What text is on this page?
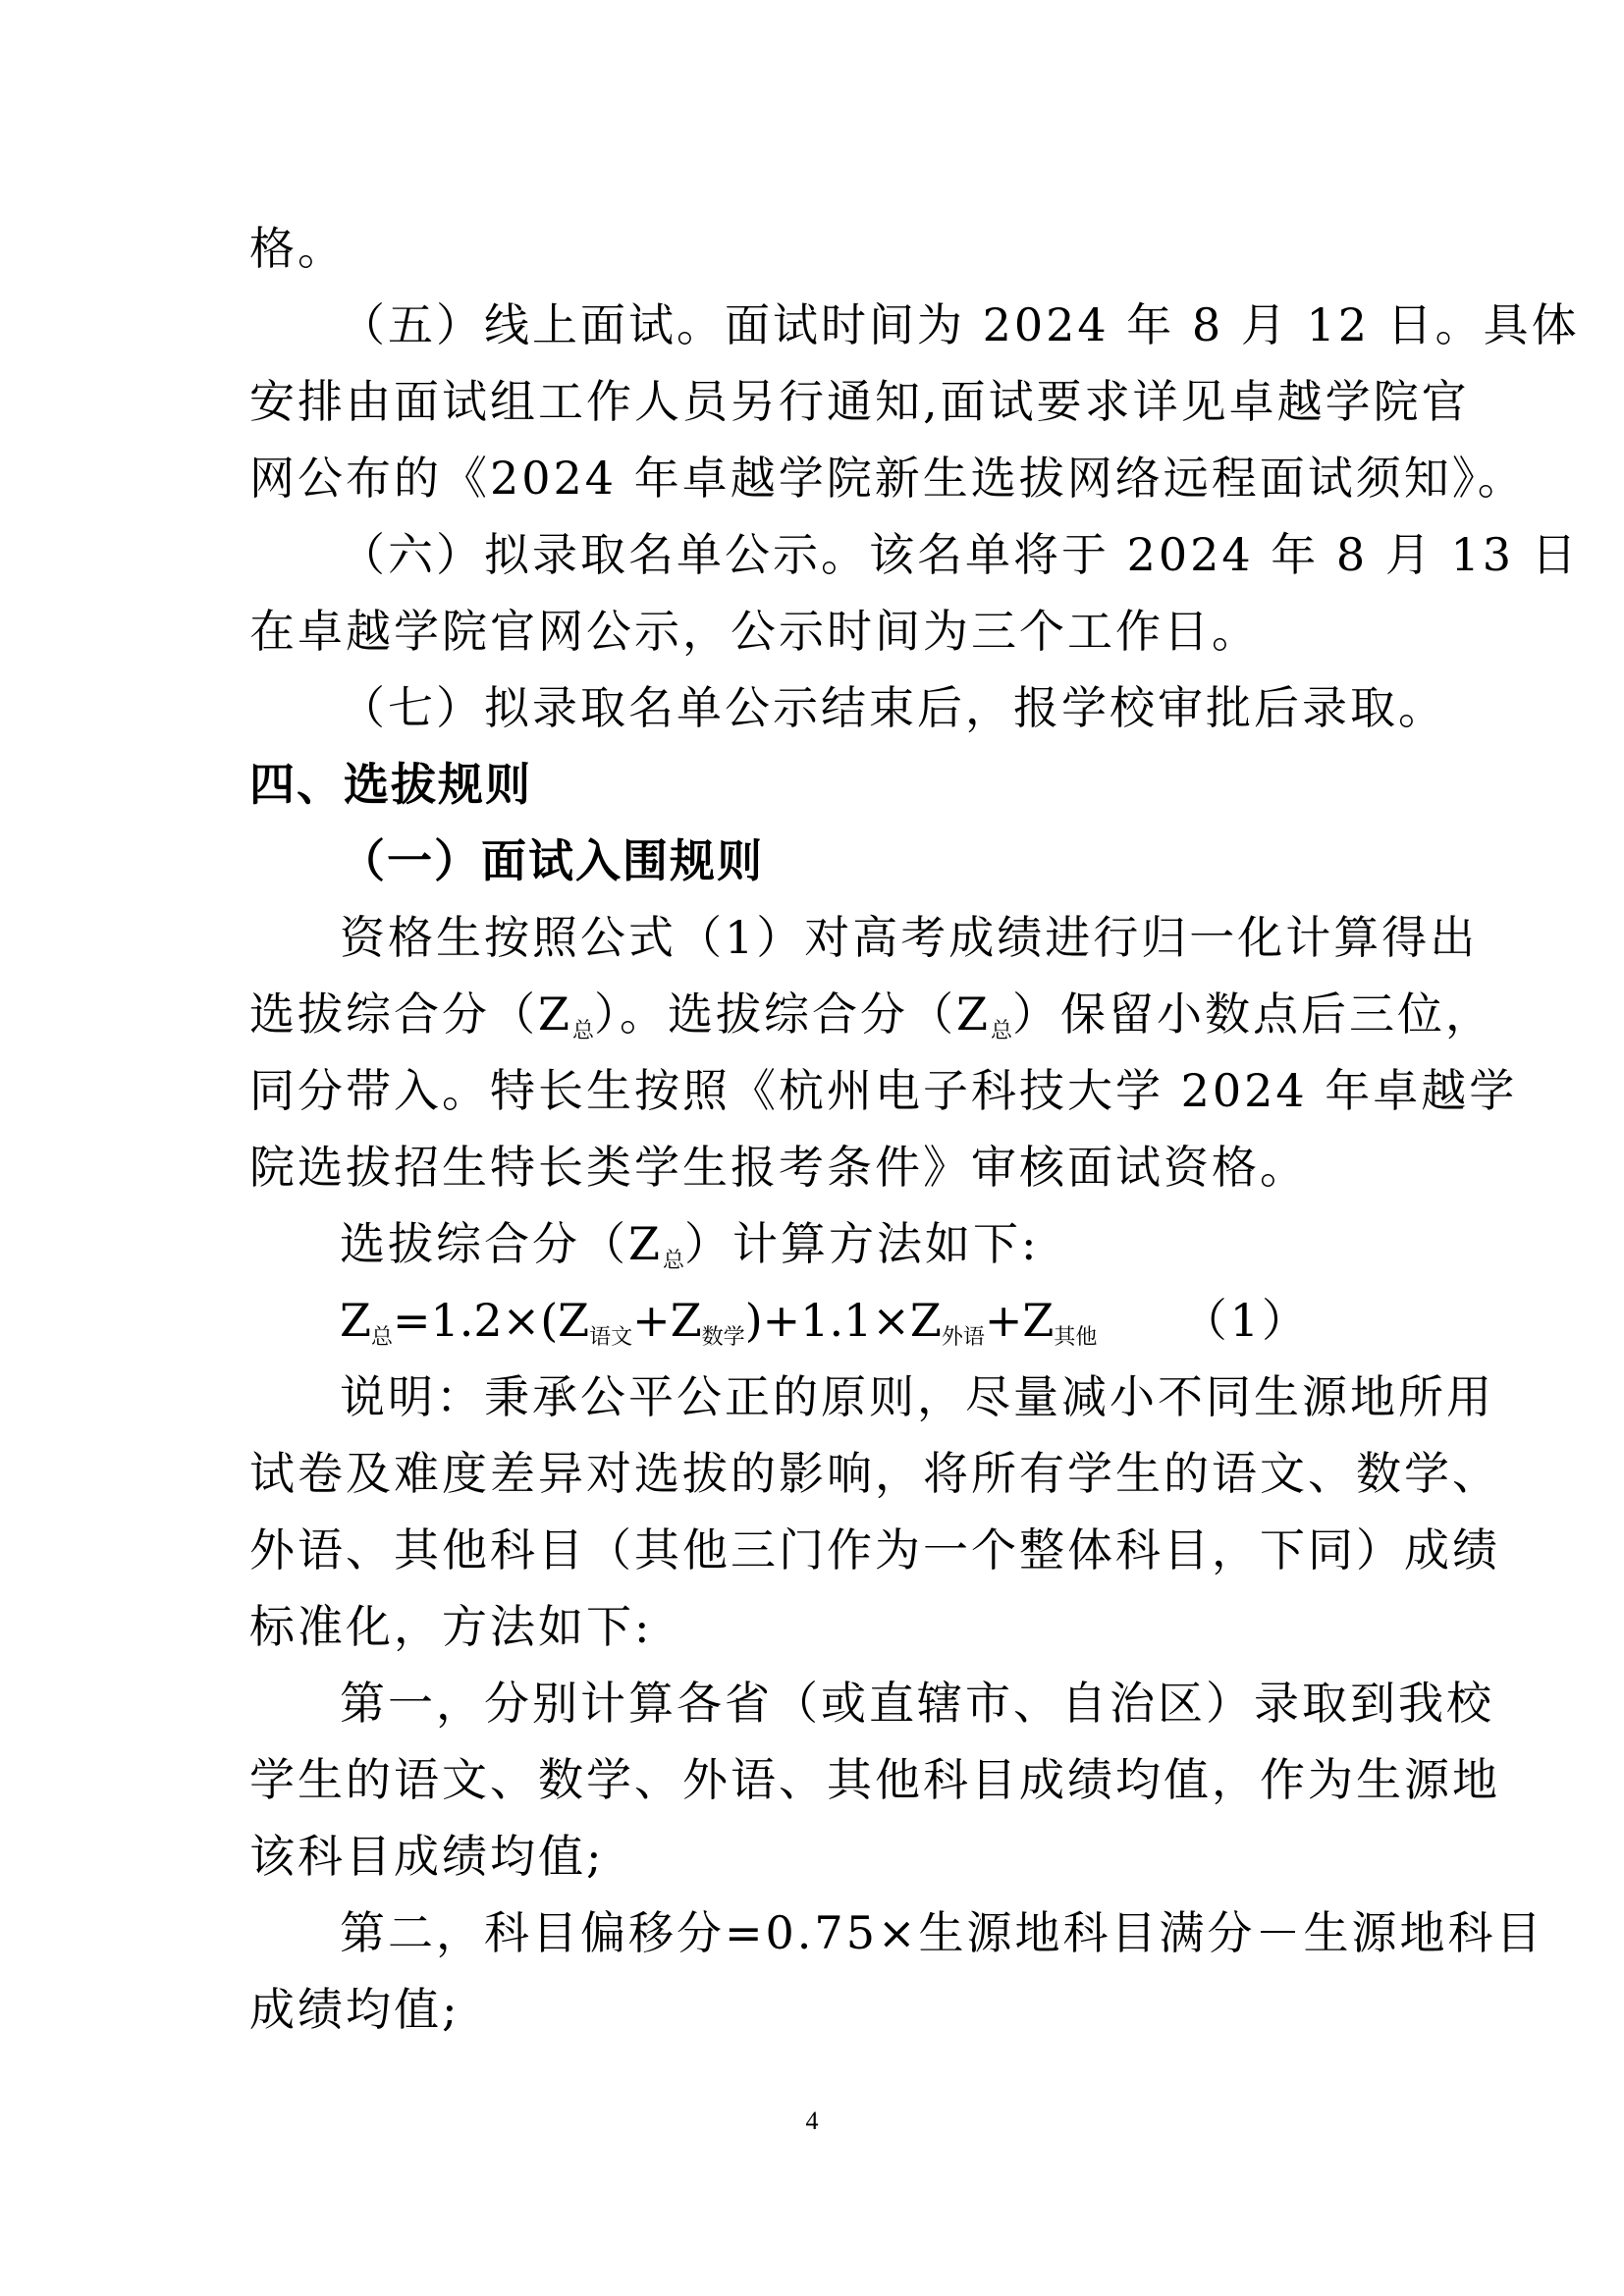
格。
（五）线上面试。面试时间为 2024 年 8 月 12 日。具体
安排由面试组工作人员另行通知,面试要求详见卓越学院官
网公布的《2024 年卓越学院新生选拔网络远程面试须知》。
（六）拟录取名单公示。该名单将于 2024 年 8 月 13 日
在卓越学院官网公示，公示时间为三个工作日。
（七）拟录取名单公示结束后，报学校审批后录取。
四、选拔规则
（一）面试入围规则
资格生按照公式（1）对高考成绩进行归一化计算得出
选拔综合分$(Z_总)$。选拔综合分$(Z_总)$保留小数点后三位，
同分带入。特长生按照《杭州电子科技大学 2024 年卓越学
院选拔招生特长类学生报考条件》审核面试资格。
选拔综合分$(Z_总)$计算方法如下:
$Z_总=1.2\times(Z_{语文}+Z_{数学})+1.1\times Z_{外语}+Z_{其他}$ （1）
说明：秉承公平公正的原则，尽量减小不同生源地所用
试卷及难度差异对选拔的影响，将所有学生的语文、数学、
外语、其他科目（其他三门作为一个整体科目，下同）成绩
标准化，方法如下:
第一，分别计算各省（或直辖市、自治区）录取到我校
学生的语文、数学、外语、其他科目成绩均值，作为生源地
该科目成绩均值;
第二，科目偏移分=0.75×生源地科目满分－生源地科目
成绩均值;
4
